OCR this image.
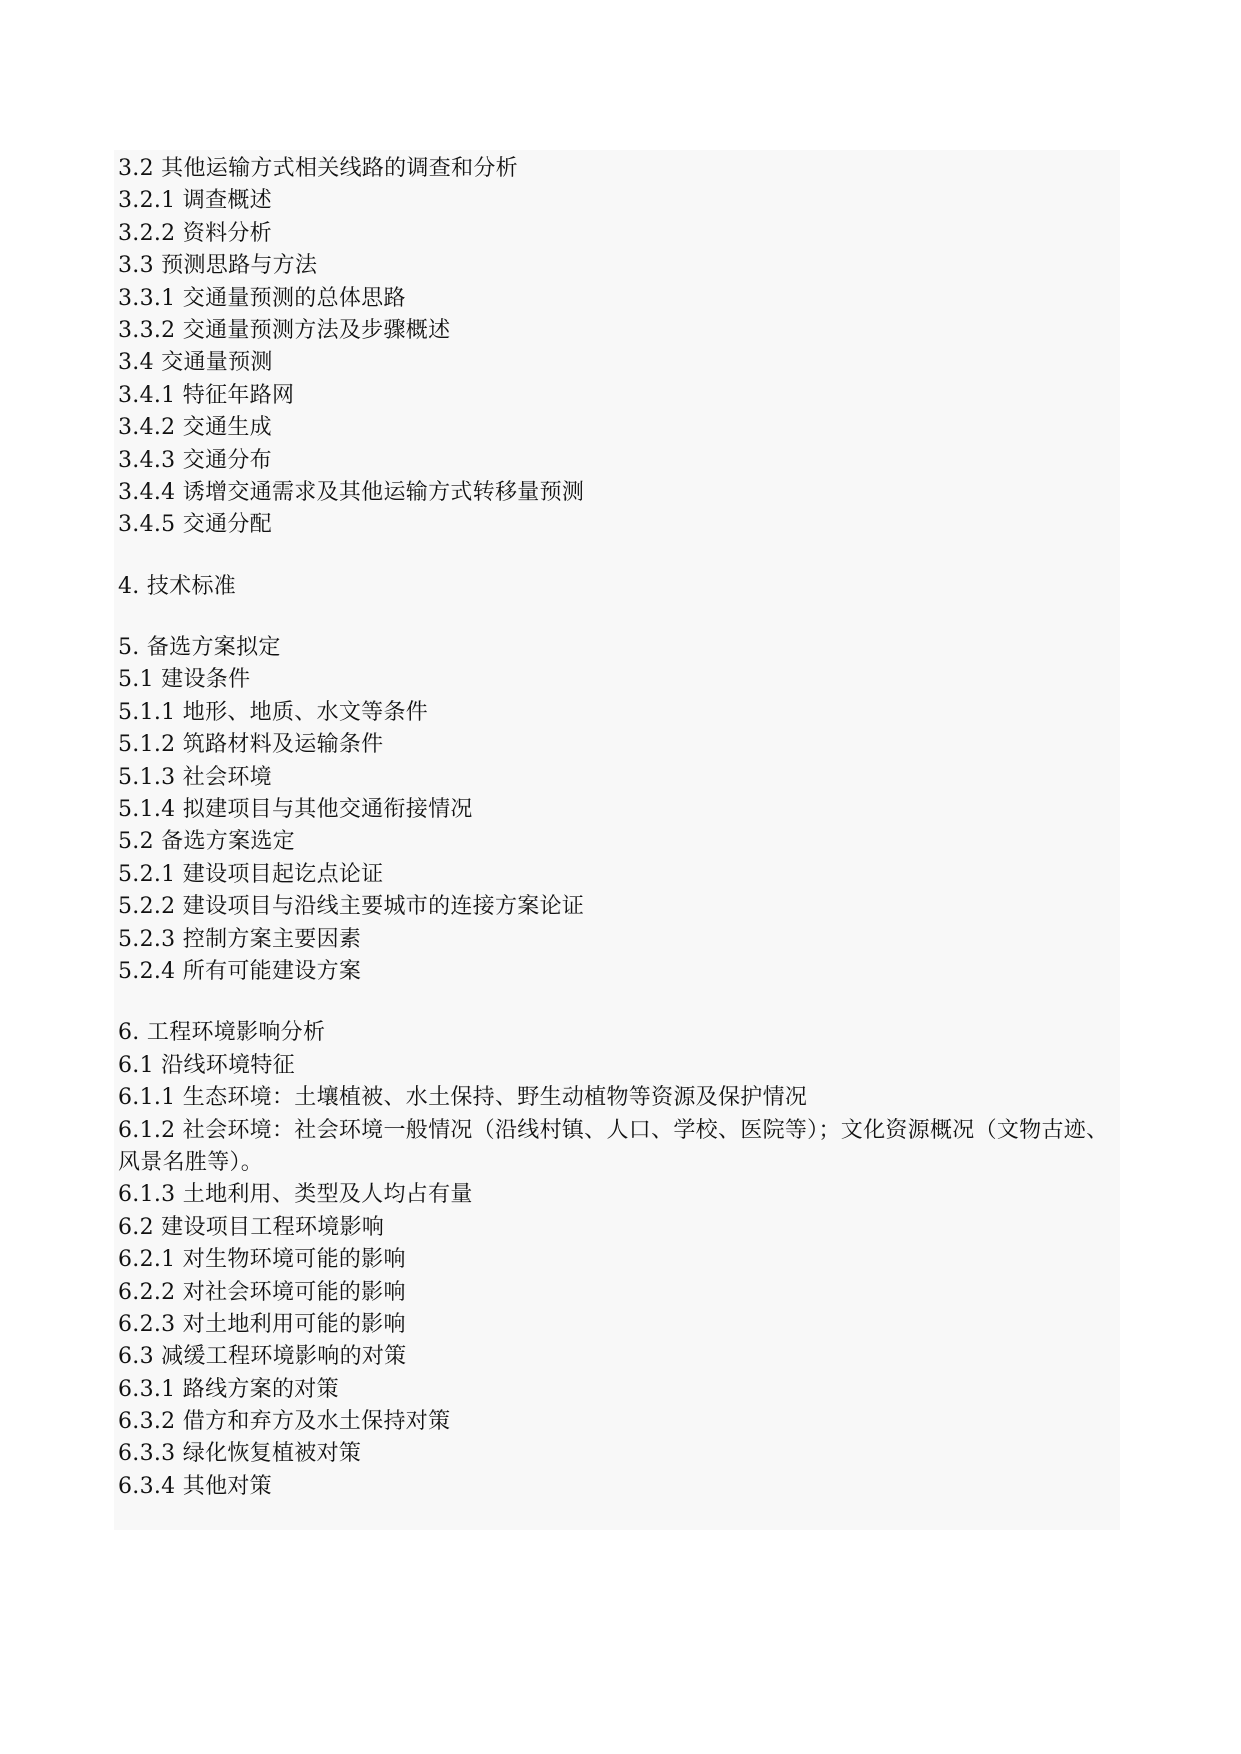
3.2 其他运输方式相关线路的调查和分析
3.2.1 调查概述
3.2.2 资料分析
3.3 预测思路与方法
3.3.1 交通量预测的总体思路
3.3.2 交通量预测方法及步骤概述
3.4 交通量预测
3.4.1 特征年路网
3.4.2 交通生成
3.4.3 交通分布
3.4.4 诱增交通需求及其他运输方式转移量预测
3.4.5 交通分配
4. 技术标准
5. 备选方案拟定
5.1 建设条件
5.1.1 地形、地质、水文等条件
5.1.2 筑路材料及运输条件
5.1.3 社会环境
5.1.4 拟建项目与其他交通衔接情况
5.2 备选方案选定
5.2.1 建设项目起讫点论证
5.2.2 建设项目与沿线主要城市的连接方案论证
5.2.3 控制方案主要因素
5.2.4 所有可能建设方案
6. 工程环境影响分析
6.1 沿线环境特征
6.1.1 生态环境：土壤植被、水土保持、野生动植物等资源及保护情况
6.1.2 社会环境：社会环境一般情况（沿线村镇、人口、学校、医院等）；文化资源概况（文物古迹、风景名胜等）。
6.1.3 土地利用、类型及人均占有量
6.2 建设项目工程环境影响
6.2.1 对生物环境可能的影响
6.2.2 对社会环境可能的影响
6.2.3 对土地利用可能的影响
6.3 减缓工程环境影响的对策
6.3.1 路线方案的对策
6.3.2 借方和弃方及水土保持对策
6.3.3 绿化恢复植被对策
6.3.4 其他对策
